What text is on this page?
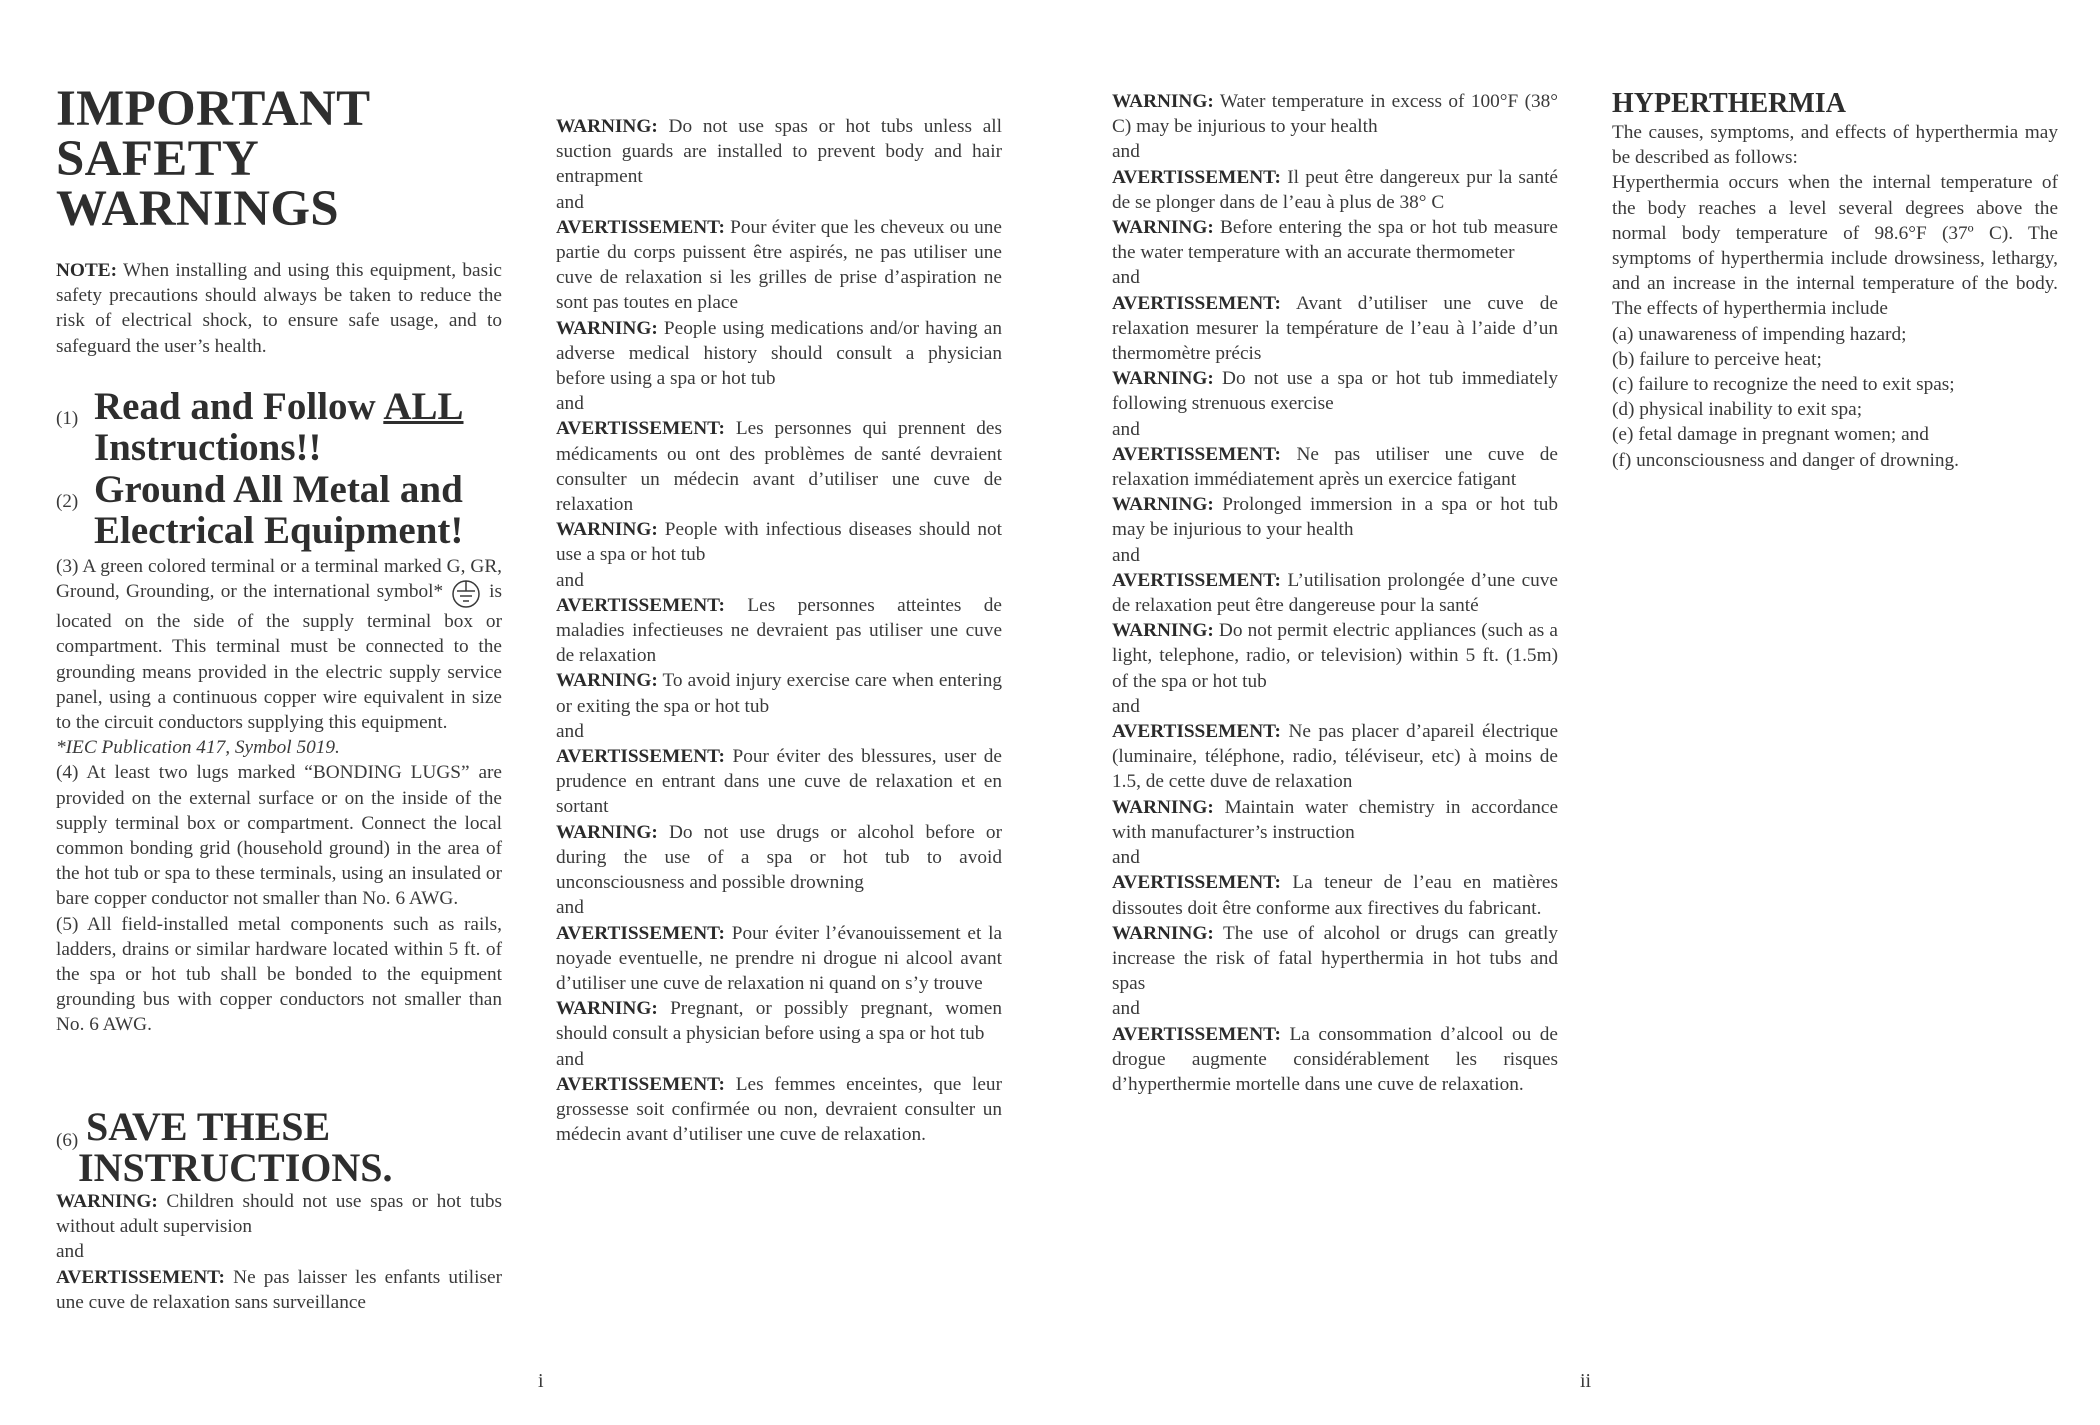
IMPORTANT
SAFETY
WARNINGS

NOTE: When installing and using this equipment, basic safety precautions should always be taken to reduce the risk of electrical shock, to ensure safe usage, and to safeguard the user’s health.

(1) Read and Follow ALL
Instructions!!
(2) Ground All Metal and
Electrical Equipment!

(3) A green colored terminal or a terminal marked G, GR, Ground, Grounding, or the international symbol* is located on the side of the supply terminal box or compartment. This terminal must be connected to the grounding means provided in the electric supply service panel, using a continuous copper wire equivalent in size to the circuit conductors supplying this equipment.

*IEC Publication 417, Symbol 5019.

(4) At least two lugs marked “BONDING LUGS” are provided on the external surface or on the inside of the supply terminal box or compartment. Connect the local common bonding grid (household ground) in the area of the hot tub or spa to these terminals, using an insulated or bare copper conductor not smaller than No. 6 AWG.

(5) All field-installed metal components such as rails, ladders, drains or similar hardware located within 5 ft. of the spa or hot tub shall be bonded to the equipment grounding bus with copper conductors not smaller than No. 6 AWG.

(6) SAVE THESE
INSTRUCTIONS.

WARNING: Children should not use spas or hot tubs without adult supervision

and

AVERTISSEMENT: Ne pas laisser les enfants utiliser une cuve de relaxation sans surveillance

i

WARNING: Do not use spas or hot tubs unless all suction guards are installed to prevent body and hair entrapment

and

AVERTISSEMENT: Pour éviter que les cheveux ou une partie du corps puissent être aspirés, ne pas utiliser une cuve de relaxation si les grilles de prise d’aspiration ne sont pas toutes en place

WARNING: People using medications and/or having an adverse medical history should consult a physician before using a spa or hot tub

and

AVERTISSEMENT: Les personnes qui prennent des médicaments ou ont des problèmes de santé devraient consulter un médecin avant d’utiliser une cuve de relaxation

WARNING: People with infectious diseases should not use a spa or hot tub

and

AVERTISSEMENT: Les personnes atteintes de maladies infectieuses ne devraient pas utiliser une cuve de relaxation

WARNING: To avoid injury exercise care when entering or exiting the spa or hot tub

and

AVERTISSEMENT: Pour éviter des blessures, user de prudence en entrant dans une cuve de relaxation et en sortant

WARNING: Do not use drugs or alcohol before or during the use of a spa or hot tub to avoid unconsciousness and possible drowning

and

AVERTISSEMENT: Pour éviter l’évanouissement et la noyade eventuelle, ne prendre ni drogue ni alcool avant d’utiliser une cuve de relaxation ni quand on s’y trouve

WARNING: Pregnant, or possibly pregnant, women should consult a physician before using a spa or hot tub

and

AVERTISSEMENT: Les femmes enceintes, que leur grossesse soit confirmée ou non, devraient consulter un médecin avant d’utiliser une cuve de relaxation.

WARNING: Water temperature in excess of 100°F (38° C) may be injurious to your health

and

AVERTISSEMENT: Il peut être dangereux pur la santé de se plonger dans de l’eau à plus de 38° C

WARNING: Before entering the spa or hot tub measure the water temperature with an accurate thermometer

and

AVERTISSEMENT: Avant d’utiliser une cuve de relaxation mesurer la température de l’eau à l’aide d’un thermomètre précis

WARNING: Do not use a spa or hot tub immediately following strenuous exercise

and

AVERTISSEMENT: Ne pas utiliser une cuve de relaxation immédiatement après un exercice fatigant

WARNING: Prolonged immersion in a spa or hot tub may be injurious to your health

and

AVERTISSEMENT: L’utilisation prolongée d’une cuve de relaxation peut être dangereuse pour la santé

WARNING: Do not permit electric appliances (such as a light, telephone, radio, or television) within 5 ft. (1.5m) of the spa or hot tub

and

AVERTISSEMENT: Ne pas placer d’apareil électrique (luminaire, téléphone, radio, téléviseur, etc) à moins de 1.5, de cette duve de relaxation

WARNING: Maintain water chemistry in accordance with manufacturer’s instruction

and

AVERTISSEMENT: La teneur de l’eau en matières dissoutes doit être conforme aux firectives du fabricant.

WARNING: The use of alcohol or drugs can greatly increase the risk of fatal hyperthermia in hot tubs and spas

and

AVERTISSEMENT: La consommation d’alcool ou de drogue augmente considérablement les risques d’hyperthermie mortelle dans une cuve de relaxation.

HYPERTHERMIA

The causes, symptoms, and effects of hyperthermia may be described as follows:

Hyperthermia occurs when the internal temperature of the body reaches a level several degrees above the normal body temperature of 98.6°F (37º C). The symptoms of hyperthermia include drowsiness, lethargy, and an increase in the internal temperature of the body. The effects of hyperthermia include

(a) unawareness of impending hazard;

(b) failure to perceive heat;

(c) failure to recognize the need to exit spas;

(d) physical inability to exit spa;

(e) fetal damage in pregnant women; and

(f) unconsciousness and danger of drowning.

ii
